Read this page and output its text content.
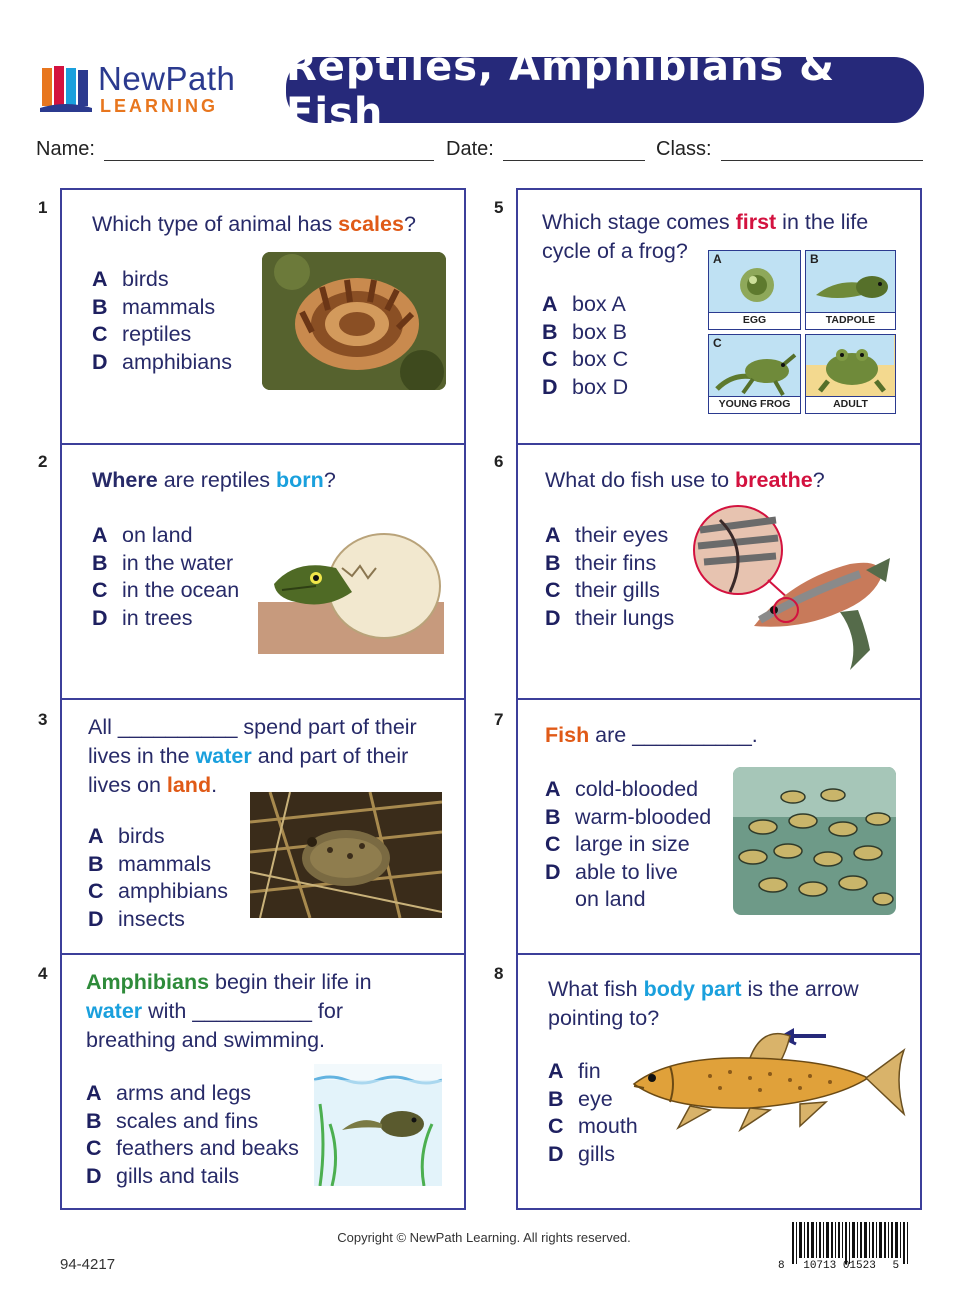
NewPath
LEARNING
Reptiles, Amphibians & Fish
Name:	Date:	Class:
1
Which type of animal has scales?
A birds
B mammals
C reptiles
D amphibians
2
Where are reptiles born?
A on land
B in the water
C in the ocean
D in trees
3 All __________ spend part of their
lives in the water and part of their
lives on land.
A birds
B mammals
C amphibians
D insects
4 Amphibians begin their life in
water with __________ for
breathing and swimming.
A arms and legs
B scales and fins
C feathers and beaks
D gills and tails
5
Which stage comes first in the life
cycle of a frog?
A box A
B box B
C box C
D box D
A
EGG
B
TADPOLE
C
YOUNG FROG	ADULT
6
What do fish use to breathe?
A their eyes
B their fins
C their gills
D their lungs
7
Fish are __________.
A cold-blooded
B warm-blooded
C large in size
D able to live
on land
8
What fish body part is the arrow
pointing to?
A fin
B eye
C mouth
D gills
Copyright © NewPath Learning. All rights reserved.
94-4217	8 10713 01523 5
